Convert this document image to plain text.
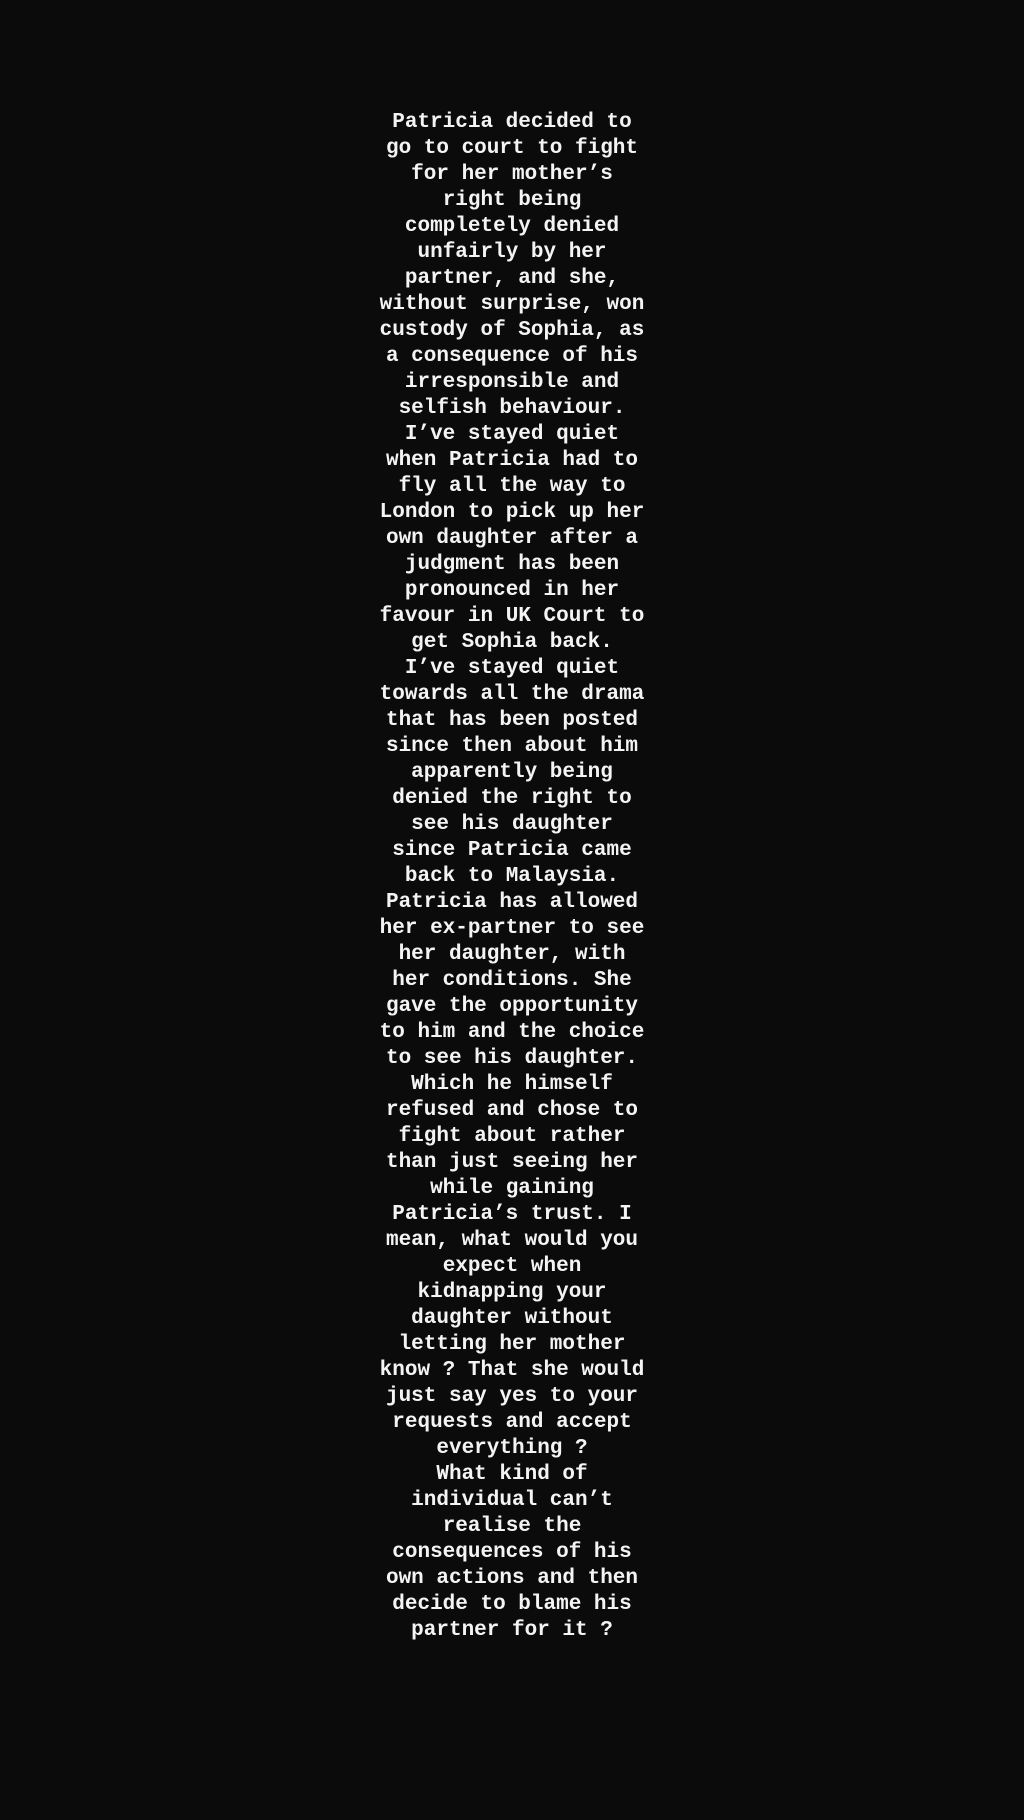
Patricia decided to
go to court to fight
for her mother’s
right being
completely denied
unfairly by her
partner, and she,
without surprise, won
custody of Sophia, as
a consequence of his
irresponsible and
selfish behaviour.
I’ve stayed quiet
when Patricia had to
fly all the way to
London to pick up her
own daughter after a
judgment has been
pronounced in her
favour in UK Court to
get Sophia back.
I’ve stayed quiet
towards all the drama
that has been posted
since then about him
apparently being
denied the right to
see his daughter
since Patricia came
back to Malaysia.
Patricia has allowed
her ex-partner to see
her daughter, with
her conditions. She
gave the opportunity
to him and the choice
to see his daughter.
Which he himself
refused and chose to
fight about rather
than just seeing her
while gaining
Patricia’s trust. I
mean, what would you
expect when
kidnapping your
daughter without
letting her mother
know ? That she would
just say yes to your
requests and accept
everything ?
What kind of
individual can’t
realise the
consequences of his
own actions and then
decide to blame his
partner for it ?
